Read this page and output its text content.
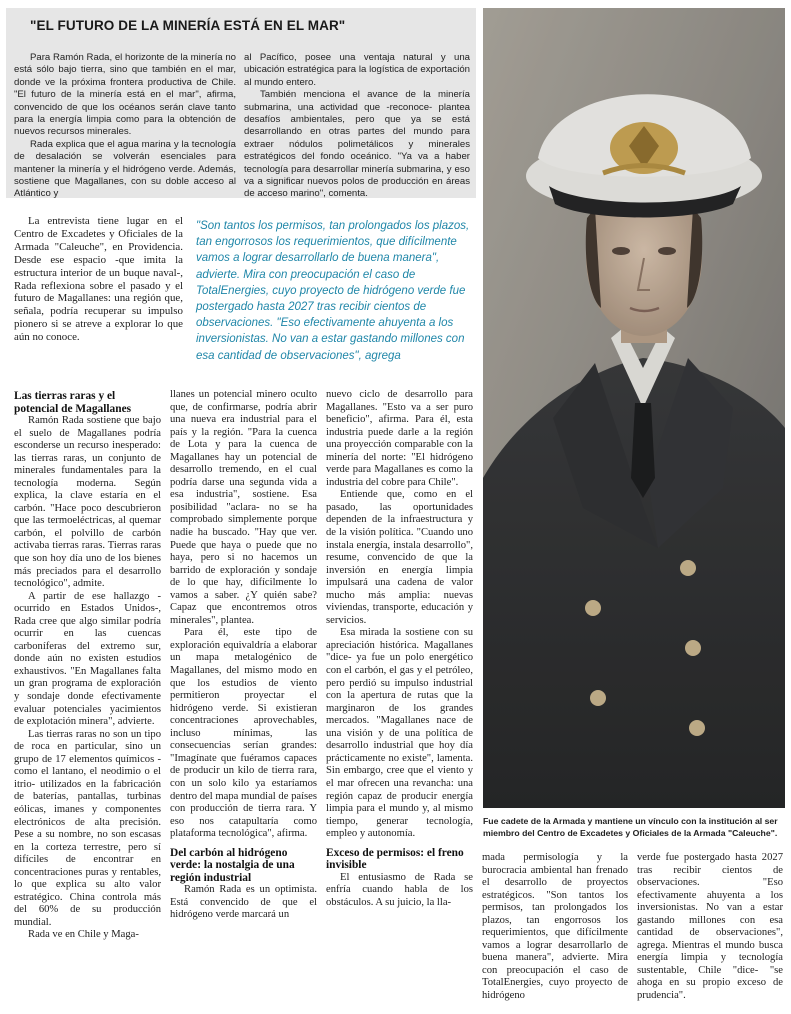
"EL FUTURO DE LA MINERÍA ESTÁ EN EL MAR"

Para Ramón Rada, el horizonte de la minería no está sólo bajo tierra, sino que también en el mar, donde ve la próxima frontera productiva de Chile. "El futuro de la minería está en el mar", afirma, convencido de que los océanos serán clave tanto para la energía limpia como para la obtención de nuevos recursos minerales.

Rada explica que el agua marina y la tecnología de desalación se volverán esenciales para mantener la minería y el hidrógeno verde. Además, sostiene que Magallanes, con su doble acceso al Atlántico y

al Pacífico, posee una ventaja natural y una ubicación estratégica para la logística de exportación al mundo entero.

También menciona el avance de la minería submarina, una actividad que -reconoce- plantea desafíos ambientales, pero que ya se está desarrollando en otras partes del mundo para extraer nódulos polimetálicos y minerales estratégicos del fondo oceánico. "Ya va a haber tecnología para desarrollar minería submarina, y eso va a significar nuevos polos de producción en áreas de acceso marino", comenta.

La entrevista tiene lugar en el Centro de Excadetes y Oficiales de la Armada "Caleuche", en Providencia. Desde ese espacio -que imita la estructura interior de un buque naval-, Rada reflexiona sobre el pasado y el futuro de Magallanes: una región que, señala, podría recuperar su impulso pionero si se atreve a explorar lo que aún no conoce.

"Son tantos los permisos, tan prolongados los plazos, tan engorrosos los requerimientos, que difícilmente vamos a lograr desarrollarlo de buena manera", advierte. Mira con preocupación el caso de TotalEnergies, cuyo proyecto de hidrógeno verde fue postergado hasta 2027 tras recibir cientos de observaciones. "Eso efectivamente ahuyenta a los inversionistas. No van a estar gastando millones con esa cantidad de observaciones", agrega
Las tierras raras y el potencial de Magallanes

Ramón Rada sostiene que bajo el suelo de Magallanes podría esconderse un recurso inesperado: las tierras raras, un conjunto de minerales fundamentales para la tecnología moderna. Según explica, la clave estaría en el carbón. "Hace poco descubrieron que las termoeléctricas, al quemar carbón, el polvillo de carbón activaba tierras raras. Tierras raras que son hoy día uno de los bienes más preciados para el desarrollo tecnológico", admite.

A partir de ese hallazgo -ocurrido en Estados Unidos-, Rada cree que algo similar podría ocurrir en las cuencas carboníferas del extremo sur, donde aún no existen estudios exhaustivos. "En Magallanes falta un gran programa de exploración y sondaje donde efectivamente evaluar potenciales yacimientos de explotación minera", advierte.

Las tierras raras no son un tipo de roca en particular, sino un grupo de 17 elementos químicos -como el lantano, el neodimio o el itrio- utilizados en la fabricación de baterías, pantallas, turbinas eólicas, imanes y componentes electrónicos de alta precisión. Pese a su nombre, no son escasas en la corteza terrestre, pero sí difíciles de encontrar en concentraciones puras y rentables, lo que explica su alto valor estratégico. China controla más del 60% de su producción mundial.

Rada ve en Chile y Maga-

llanes un potencial minero oculto que, de confirmarse, podría abrir una nueva era industrial para el país y la región. "Para la cuenca de Lota y para la cuenca de Magallanes hay un potencial de desarrollo tremendo, en el cual podría darse una segunda vida a esa industria", sostiene. Esa posibilidad "aclara- no se ha comprobado simplemente porque nadie ha buscado. "Hay que ver. Puede que haya o puede que no haya, pero si no hacemos un barrido de exploración y sondaje de lo que hay, difícilmente lo vamos a saber. ¿Y quién sabe? Capaz que encontremos otros minerales", plantea.

Para él, este tipo de exploración equivaldría a elaborar un mapa metalogénico de Magallanes, del mismo modo en que los estudios de viento permitieron proyectar el hidrógeno verde. Si existieran concentraciones aprovechables, incluso mínimas, las consecuencias serían grandes: "Imagínate que fuéramos capaces de producir un kilo de tierra rara, con un solo kilo ya estaríamos dentro del mapa mundial de países con producción de tierra rara. Y eso nos catapultaría como plataforma tecnológica", afirma.

Del carbón al hidrógeno verde: la nostalgia de una región industrial

Ramón Rada es un optimista. Está convencido de que el hidrógeno verde marcará un

nuevo ciclo de desarrollo para Magallanes. "Esto va a ser puro beneficio", afirma. Para él, esta industria puede darle a la región una proyección comparable con la minería del norte: "El hidrógeno verde para Magallanes es como la industria del cobre para Chile".

Entiende que, como en el pasado, las oportunidades dependen de la infraestructura y de la visión política. "Cuando uno instala energía, instala desarrollo", resume, convencido de que la inversión en energía limpia impulsará una cadena de valor mucho más amplia: nuevas viviendas, transporte, educación y servicios.

Esa mirada la sostiene con su apreciación histórica. Magallanes "dice- ya fue un polo energético con el carbón, el gas y el petróleo, pero perdió su impulso industrial con la apertura de rutas que la marginaron de los grandes mercados. "Magallanes nace de una visión y de una política de desarrollo industrial que hoy día prácticamente no existe", lamenta. Sin embargo, cree que el viento y el mar ofrecen una revancha: una región capaz de producir energía limpia para el mundo y, al mismo tiempo, generar tecnología, empleo y autonomía.

Exceso de permisos: el freno invisible

El entusiasmo de Rada se enfría cuando habla de los obstáculos. A su juicio, la lla-

Fue cadete de la Armada y mantiene un vínculo con la institución al ser miembro del Centro de Excadetes y Oficiales de la Armada "Caleuche".

mada permisología y la burocracia ambiental han frenado el desarrollo de proyectos estratégicos. "Son tantos los permisos, tan prolongados los plazos, tan engorrosos los requerimientos, que difícilmente vamos a lograr desarrollarlo de buena manera", advierte. Mira con preocupación el caso de TotalEnergies, cuyo proyecto de hidrógeno

verde fue postergado hasta 2027 tras recibir cientos de observaciones. "Eso efectivamente ahuyenta a los inversionistas. No van a estar gastando millones con esa cantidad de observaciones", agrega. Mientras el mundo busca energía limpia y tecnología sustentable, Chile "dice- "se ahoga en su propio exceso de prudencia".
